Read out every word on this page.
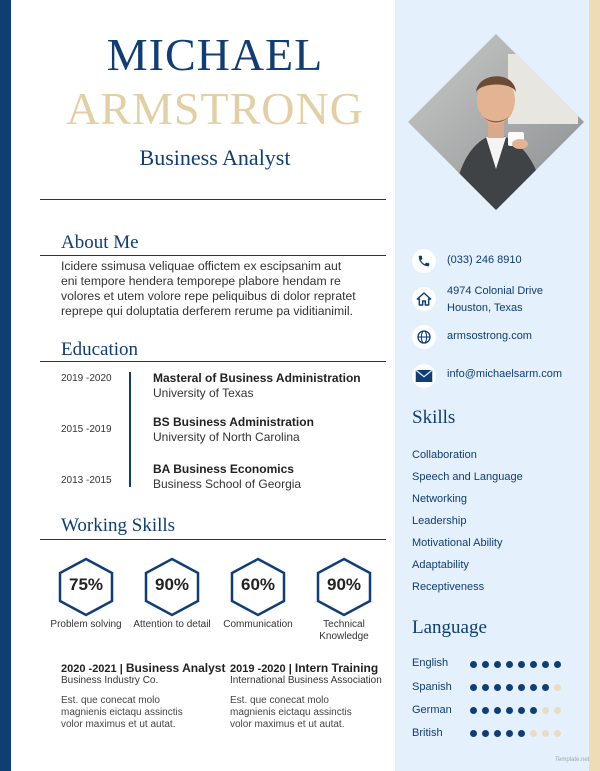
MICHAEL
ARMSTRONG
Business Analyst
About Me
Icidere ssimusa veliquae offictem ex escipsanim aut
eni tempore hendera temporepe plabore hendam re
volores et utem volore repe peliquibus di dolor repratet
reprepe qui doluptatia derferem rerume pa viditianimil.
Education
2019 -2020	Masteral of Business Administration
University of Texas
2015 -2019
BS Business Administration
University of North Carolina
2013 -2015
BA Business Economics
Business School of Georgia
Working Skills
75%
Problem solving
90%
Attention to detail
60%
Communication
90%
Technical
Knowledge
2020 -2021 | Business Analyst
Business Industry Co.
Est. que conecat molo
magnienis eictaqu assinctis
volor maximus et ut autat.
2019 -2020 | Intern Training
International Business Association
Est. que conecat molo
magnienis eictaqu assinctis
volor maximus et ut autat.
(033) 246 8910
4974 Colonial Drive
Houston, Texas
armsostrong.com
info@michaelsarm.com
Skills
Collaboration
Speech and Language
Networking
Leadership
Motivational Ability
Adaptability
Receptiveness
Language
English
Spanish
German
British
Template.net
